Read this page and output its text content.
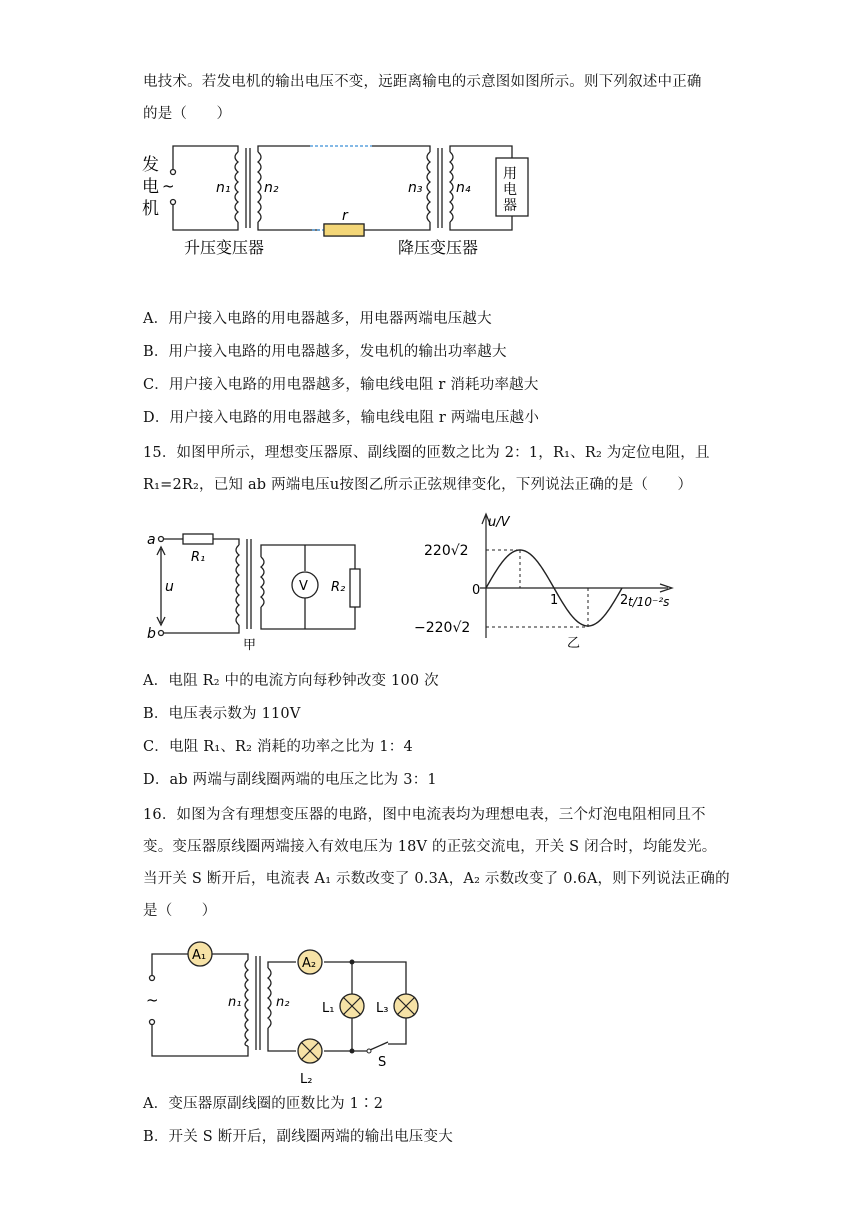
电技术。若发电机的输出电压不变，远距离输电的示意图如图所示。则下列叙述中正确
的是（　　）
发
电
机
~	n₁ n₂	n₃ n₄
r
用
电
器
升压变压器	降压变压器
A．用户接入电路的用电器越多，用电器两端电压越大
B．用户接入电路的用电器越多，发电机的输出功率越大
C．用户接入电路的用电器越多，输电线电阻 r 消耗功率越大
D．用户接入电路的用电器越多，输电线电阻 r 两端电压越小
15．如图甲所示，理想变压器原、副线圈的匝数之比为 2：1，R₁、R₂ 为定位电阻，且
R₁=2R₂，已知 ab 两端电压u按图乙所示正弦规律变化，下列说法正确的是（　　）
a
b
u
R₁
R₂
V
甲
u/V
t/10⁻²s
220√2
−220√2
0
1	2
乙
A．电阻 R₂ 中的电流方向每秒钟改变 100 次
B．电压表示数为 110V
C．电阻 R₁、R₂ 消耗的功率之比为 1：4
D．ab 两端与副线圈两端的电压之比为 3：1
16．如图为含有理想变压器的电路，图中电流表均为理想电表，三个灯泡电阻相同且不
变。变压器原线圈两端接入有效电压为 18V 的正弦交流电，开关 S 闭合时，均能发光。
当开关 S 断开后，电流表 A₁ 示数改变了 0.3A，A₂ 示数改变了 0.6A，则下列说法正确的
是（　　）
A₁
A₂
~	n₁	n₂	L₁	L₃
L₂
S
A．变压器原副线圈的匝数比为 1∶2
B．开关 S 断开后，副线圈两端的输出电压变大
